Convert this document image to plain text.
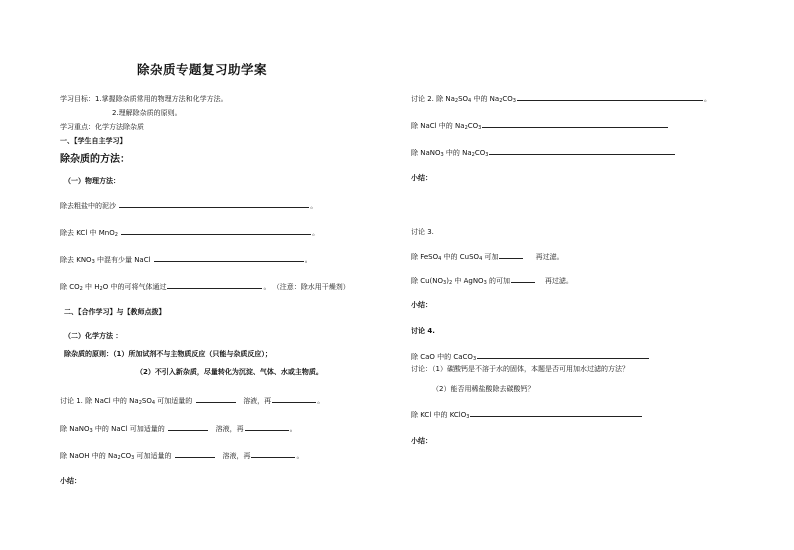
除杂质专题复习助学案
学习目标：1.掌握除杂质常用的物理方法和化学方法。
2.理解除杂质的原则。
学习重点：化学方法除杂质
一、【学生自主学习】
除杂质的方法：
（一）物理方法：
除去粗盐中的泥沙	。
除去 KCl 中 MnO$_2$	。
除去 $KNO_3$ 中混有少量 NaCl	。
除 $CO_2$ 中 $H_2O$ 中的可将气体通过	。 （注意：除水用干燥剂）
二、【合作学习】与【教师点拨】
（二）化学方法 ：
除杂质的原则：（1）所加试剂不与主物质反应（只能与杂质反应）；
（2）不引入新杂质，尽量转化为沉淀、气体、水或主物质。
讨论 1. 除 NaCl 中的 $Na_2SO_4$ 可加适量的	溶液，再	。
除 NaNO$_3$ 中的 NaCl 可加适量的	溶液，再	。
除 NaOH 中的 $Na_2CO_3$ 可加适量的	溶液，再	。
小结：
讨论 2. 除 $Na_2SO_4$ 中的 $Na_2CO_3$	。
除 NaCl 中的 $Na_2CO_3$
除 NaNO$_3$ 中的 $Na_2CO_3$
小结：
讨论 3.
除 FeSO$_4$ 中的 CuSO$_4$ 可加	再过滤。
除 $Cu(NO_3)_2$ 中 AgNO$_3$ 的可加	再过滤。
小结：
讨论 4.
除 CaO 中的 CaCO$_3$
讨论：（1）碳酸钙是不溶于水的固体，本题是否可用加水过滤的方法？
（2）能否用稀盐酸除去碳酸钙？
除 KCl 中的 KClO$_3$
小结：
